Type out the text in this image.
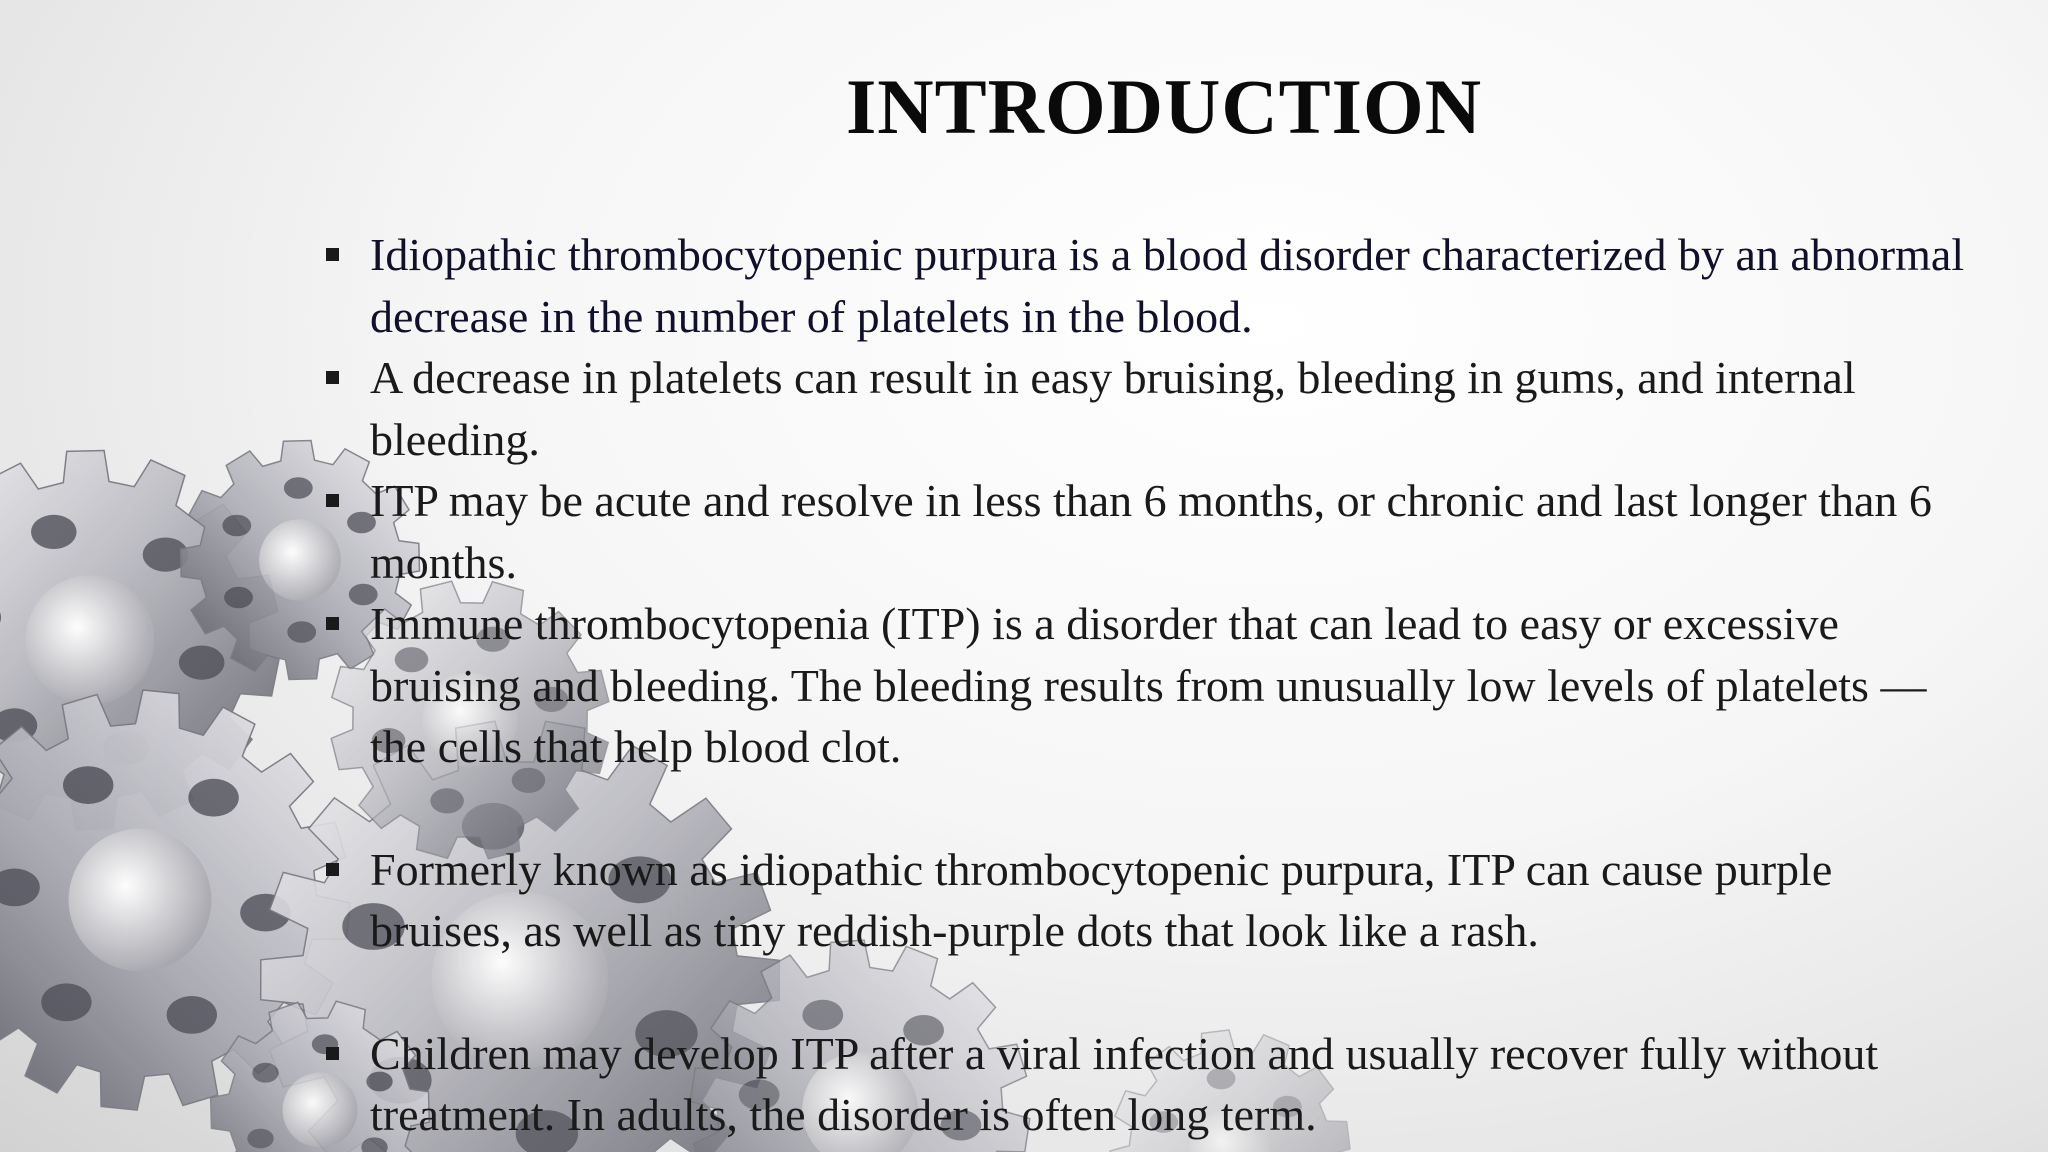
INTRODUCTION
Idiopathic thrombocytopenic purpura is a blood disorder characterized by an abnormal decrease in the number of platelets in the blood.
A decrease in platelets can result in easy bruising, bleeding in gums, and internal bleeding.
ITP may be acute and resolve in less than 6 months, or chronic and last longer than 6 months.
Immune thrombocytopenia (ITP) is a disorder that can lead to easy or excessive bruising and bleeding. The bleeding results from unusually low levels of platelets — the cells that help blood clot.
Formerly known as idiopathic thrombocytopenic purpura, ITP can cause purple bruises, as well as tiny reddish-purple dots that look like a rash.
Children may develop ITP after a viral infection and usually recover fully without treatment. In adults, the disorder is often long term.
